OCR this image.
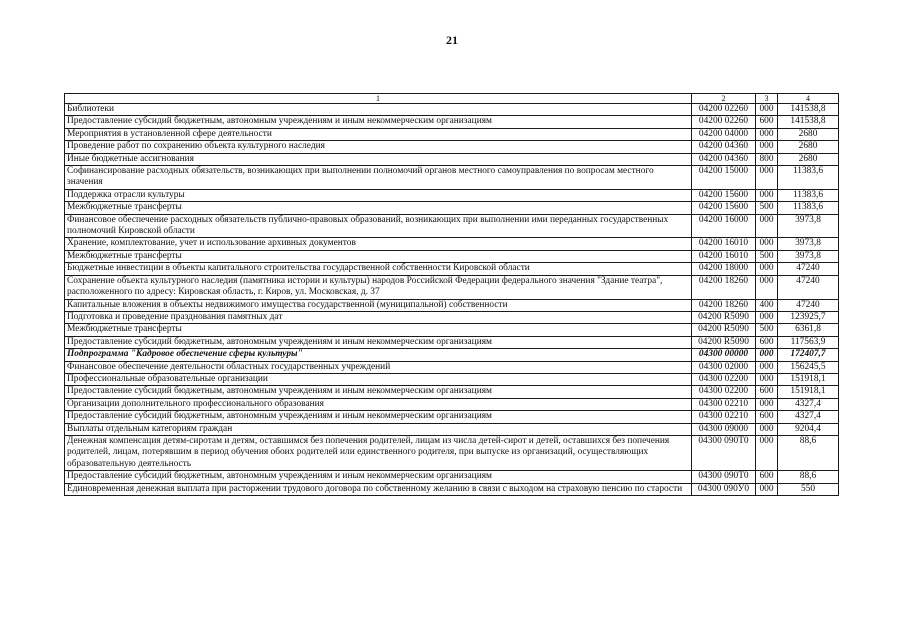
21
1	2	3	4
Библиотеки	04200 02260	000	141538,8
Предоставление субсидий бюджетным, автономным учреждениям и иным некоммерческим организациям	04200 02260	600	141538,8
Мероприятия в установленной сфере деятельности	04200 04000	000	2680
Проведение работ по сохранению объекта культурного наследия	04200 04360	000	2680
Иные бюджетные ассигнования	04200 04360	800	2680
Софинансирование расходных обязательств, возникающих при выполнении полномочий органов местного самоуправления по вопросам местного значения	04200 15000	000	11383,6
Поддержка отрасли культуры	04200 15600	000	11383,6
Межбюджетные трансферты	04200 15600	500	11383,6
Финансовое обеспечение расходных обязательств публично-правовых образований, возникающих при выполнении ими переданных государственных полномочий Кировской области	04200 16000	000	3973,8
Хранение, комплектование, учет и использование архивных документов	04200 16010	000	3973,8
Межбюджетные трансферты	04200 16010	500	3973,8
Бюджетные инвестиции в объекты капитального строительства государственной собственности Кировской области	04200 18000	000	47240
Сохранение объекта культурного наследия (памятника истории и культуры) народов Российской Федерации федерального значения "Здание театра", расположенного по адресу: Кировская область, г. Киров, ул. Московская, д. 37	04200 18260	000	47240
Капитальные вложения в объекты недвижимого имущества государственной (муниципальной) собственности	04200 18260	400	47240
Подготовка и проведение празднования памятных дат	04200 R5090	000	123925,7
Межбюджетные трансферты	04200 R5090	500	6361,8
Предоставление субсидий бюджетным, автономным учреждениям и иным некоммерческим организациям	04200 R5090	600	117563,9
Подпрограмма "Кадровое обеспечение сферы культуры"	04300 00000	000	172407,7
Финансовое обеспечение деятельности областных государственных учреждений	04300 02000	000	156245,5
Профессиональные образовательные организации	04300 02200	000	151918,1
Предоставление субсидий бюджетным, автономным учреждениям и иным некоммерческим организациям	04300 02200	600	151918,1
Организации дополнительного профессионального образования	04300 02210	000	4327,4
Предоставление субсидий бюджетным, автономным учреждениям и иным некоммерческим организациям	04300 02210	600	4327,4
Выплаты отдельным категориям граждан	04300 09000	000	9204,4
Денежная компенсация детям-сиротам и детям, оставшимся без попечения родителей, лицам из числа детей-сирот и детей, оставшихся без попечения родителей, лицам, потерявшим в период обучения обоих родителей или единственного родителя, при выпуске из организаций, осуществляющих образовательную деятельность	04300 090Т0	000	88,6
Предоставление субсидий бюджетным, автономным учреждениям и иным некоммерческим организациям	04300 090Т0	600	88,6
Единовременная денежная выплата при расторжении трудового договора по собственному желанию в связи с выходом на страховую пенсию по старости	04300 090У0	000	550
